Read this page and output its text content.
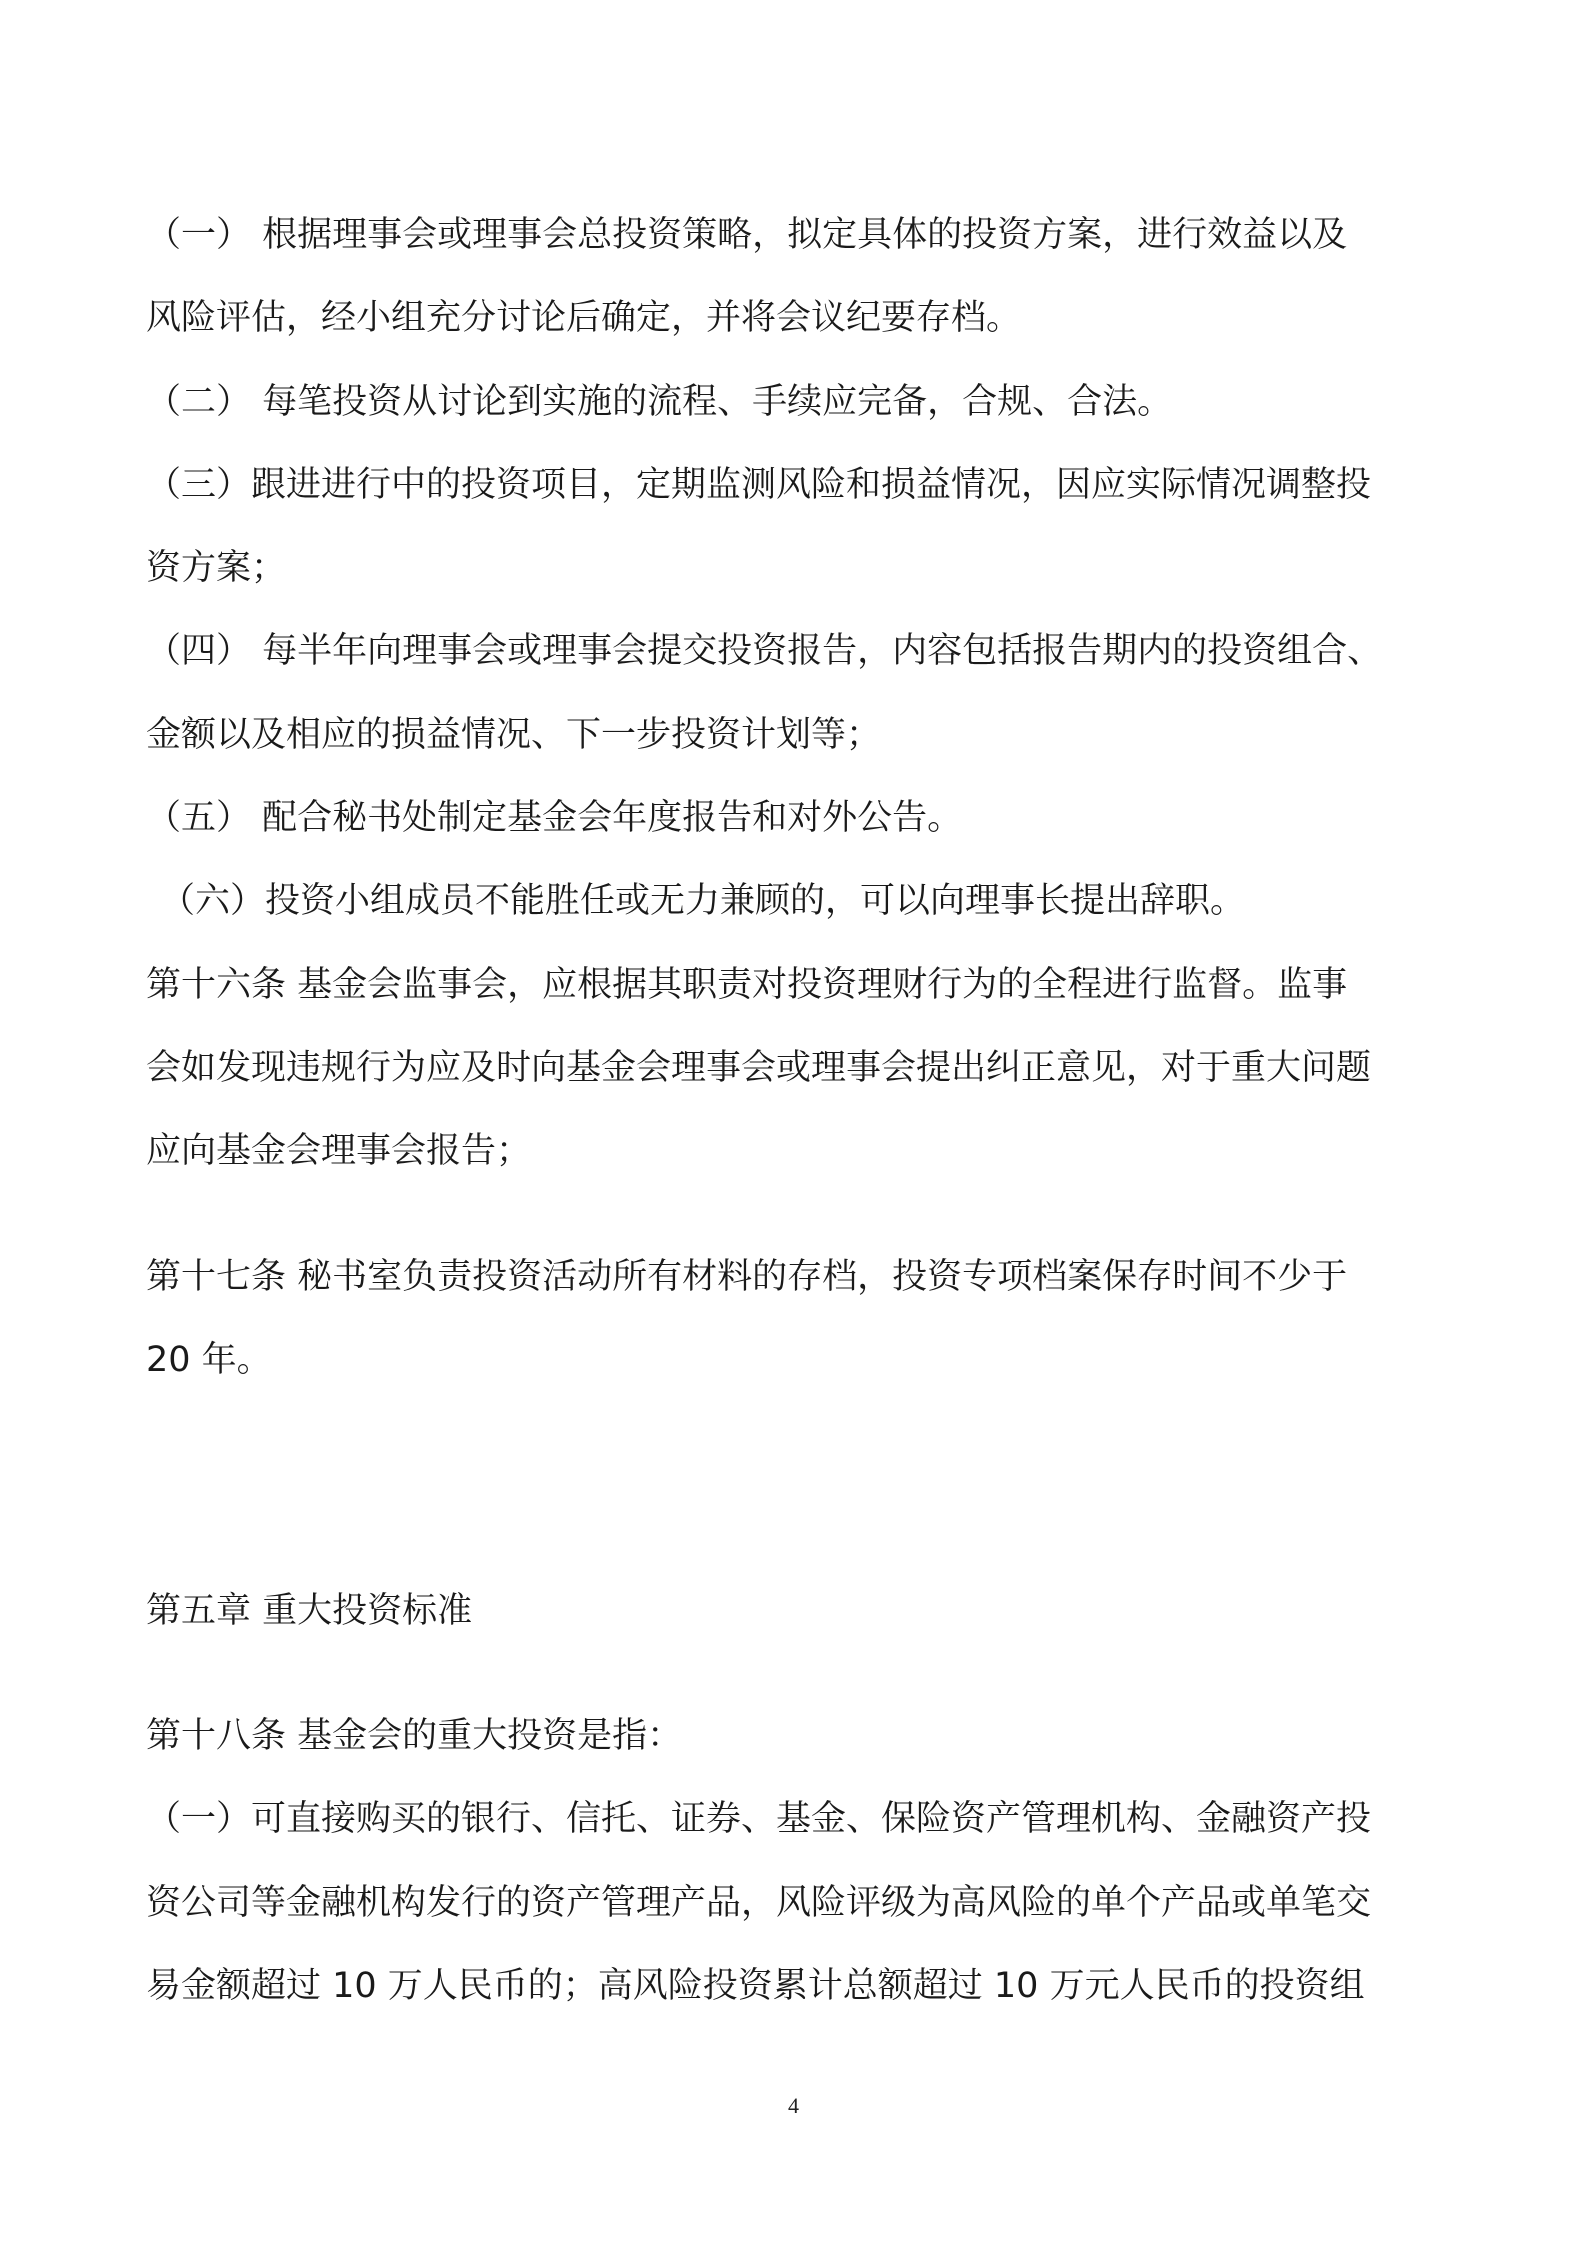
（一） 根据理事会或理事会总投资策略，拟定具体的投资方案，进行效益以及

风险评估，经小组充分讨论后确定，并将会议纪要存档。

（二） 每笔投资从讨论到实施的流程、手续应完备，合规、合法。

（三）跟进进行中的投资项目，定期监测风险和损益情况，因应实际情况调整投

资方案；

（四） 每半年向理事会或理事会提交投资报告，内容包括报告期内的投资组合、

金额以及相应的损益情况、下一步投资计划等；

（五） 配合秘书处制定基金会年度报告和对外公告。

（六）投资小组成员不能胜任或无力兼顾的，可以向理事长提出辞职。

第十六条 基金会监事会，应根据其职责对投资理财行为的全程进行监督。监事

会如发现违规行为应及时向基金会理事会或理事会提出纠正意见，对于重大问题

应向基金会理事会报告；

第十七条 秘书室负责投资活动所有材料的存档，投资专项档案保存时间不少于

20 年。

第五章 重大投资标准

第十八条 基金会的重大投资是指：

（一）可直接购买的银行、信托、证券、基金、保险资产管理机构、金融资产投

资公司等金融机构发行的资产管理产品，风险评级为高风险的单个产品或单笔交

易金额超过 10 万人民币的；高风险投资累计总额超过 10 万元人民币的投资组

4
